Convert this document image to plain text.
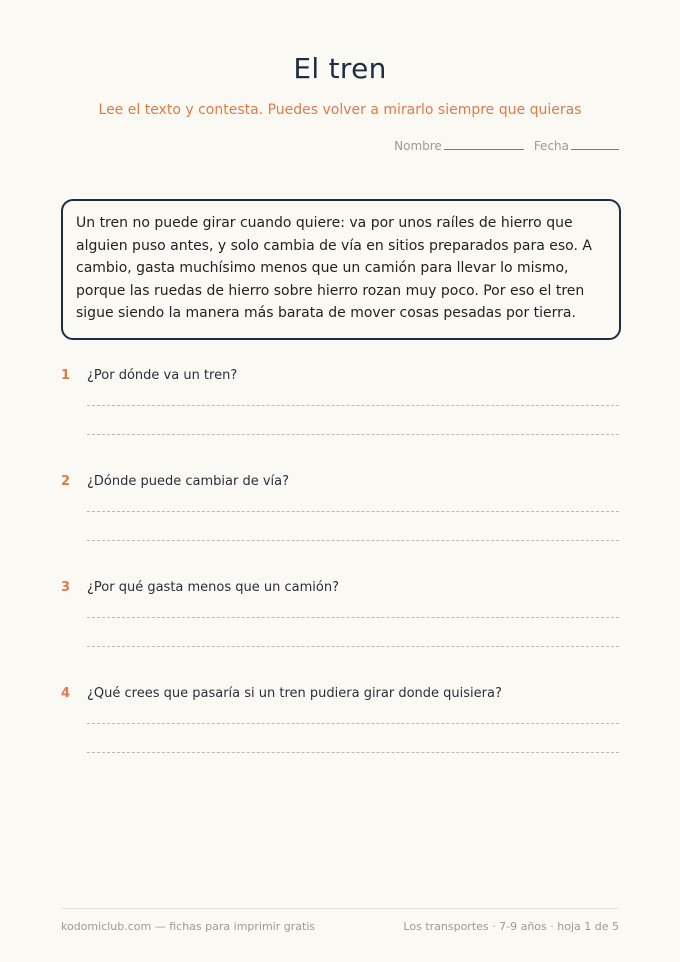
El tren
Lee el texto y contesta. Puedes volver a mirarlo siempre que quieras
Nombre	Fecha
Un tren no puede girar cuando quiere: va por unos raíles de hierro que alguien puso antes, y solo cambia de vía en sitios preparados para eso. A cambio, gasta muchísimo menos que un camión para llevar lo mismo, porque las ruedas de hierro sobre hierro rozan muy poco. Por eso el tren sigue siendo la manera más barata de mover cosas pesadas por tierra.
1	¿Por dónde va un tren?
2	¿Dónde puede cambiar de vía?
3	¿Por qué gasta menos que un camión?
4	¿Qué crees que pasaría si un tren pudiera girar donde quisiera?
kodomiclub.com — fichas para imprimir gratis	Los transportes · 7-9 años · hoja 1 de 5
